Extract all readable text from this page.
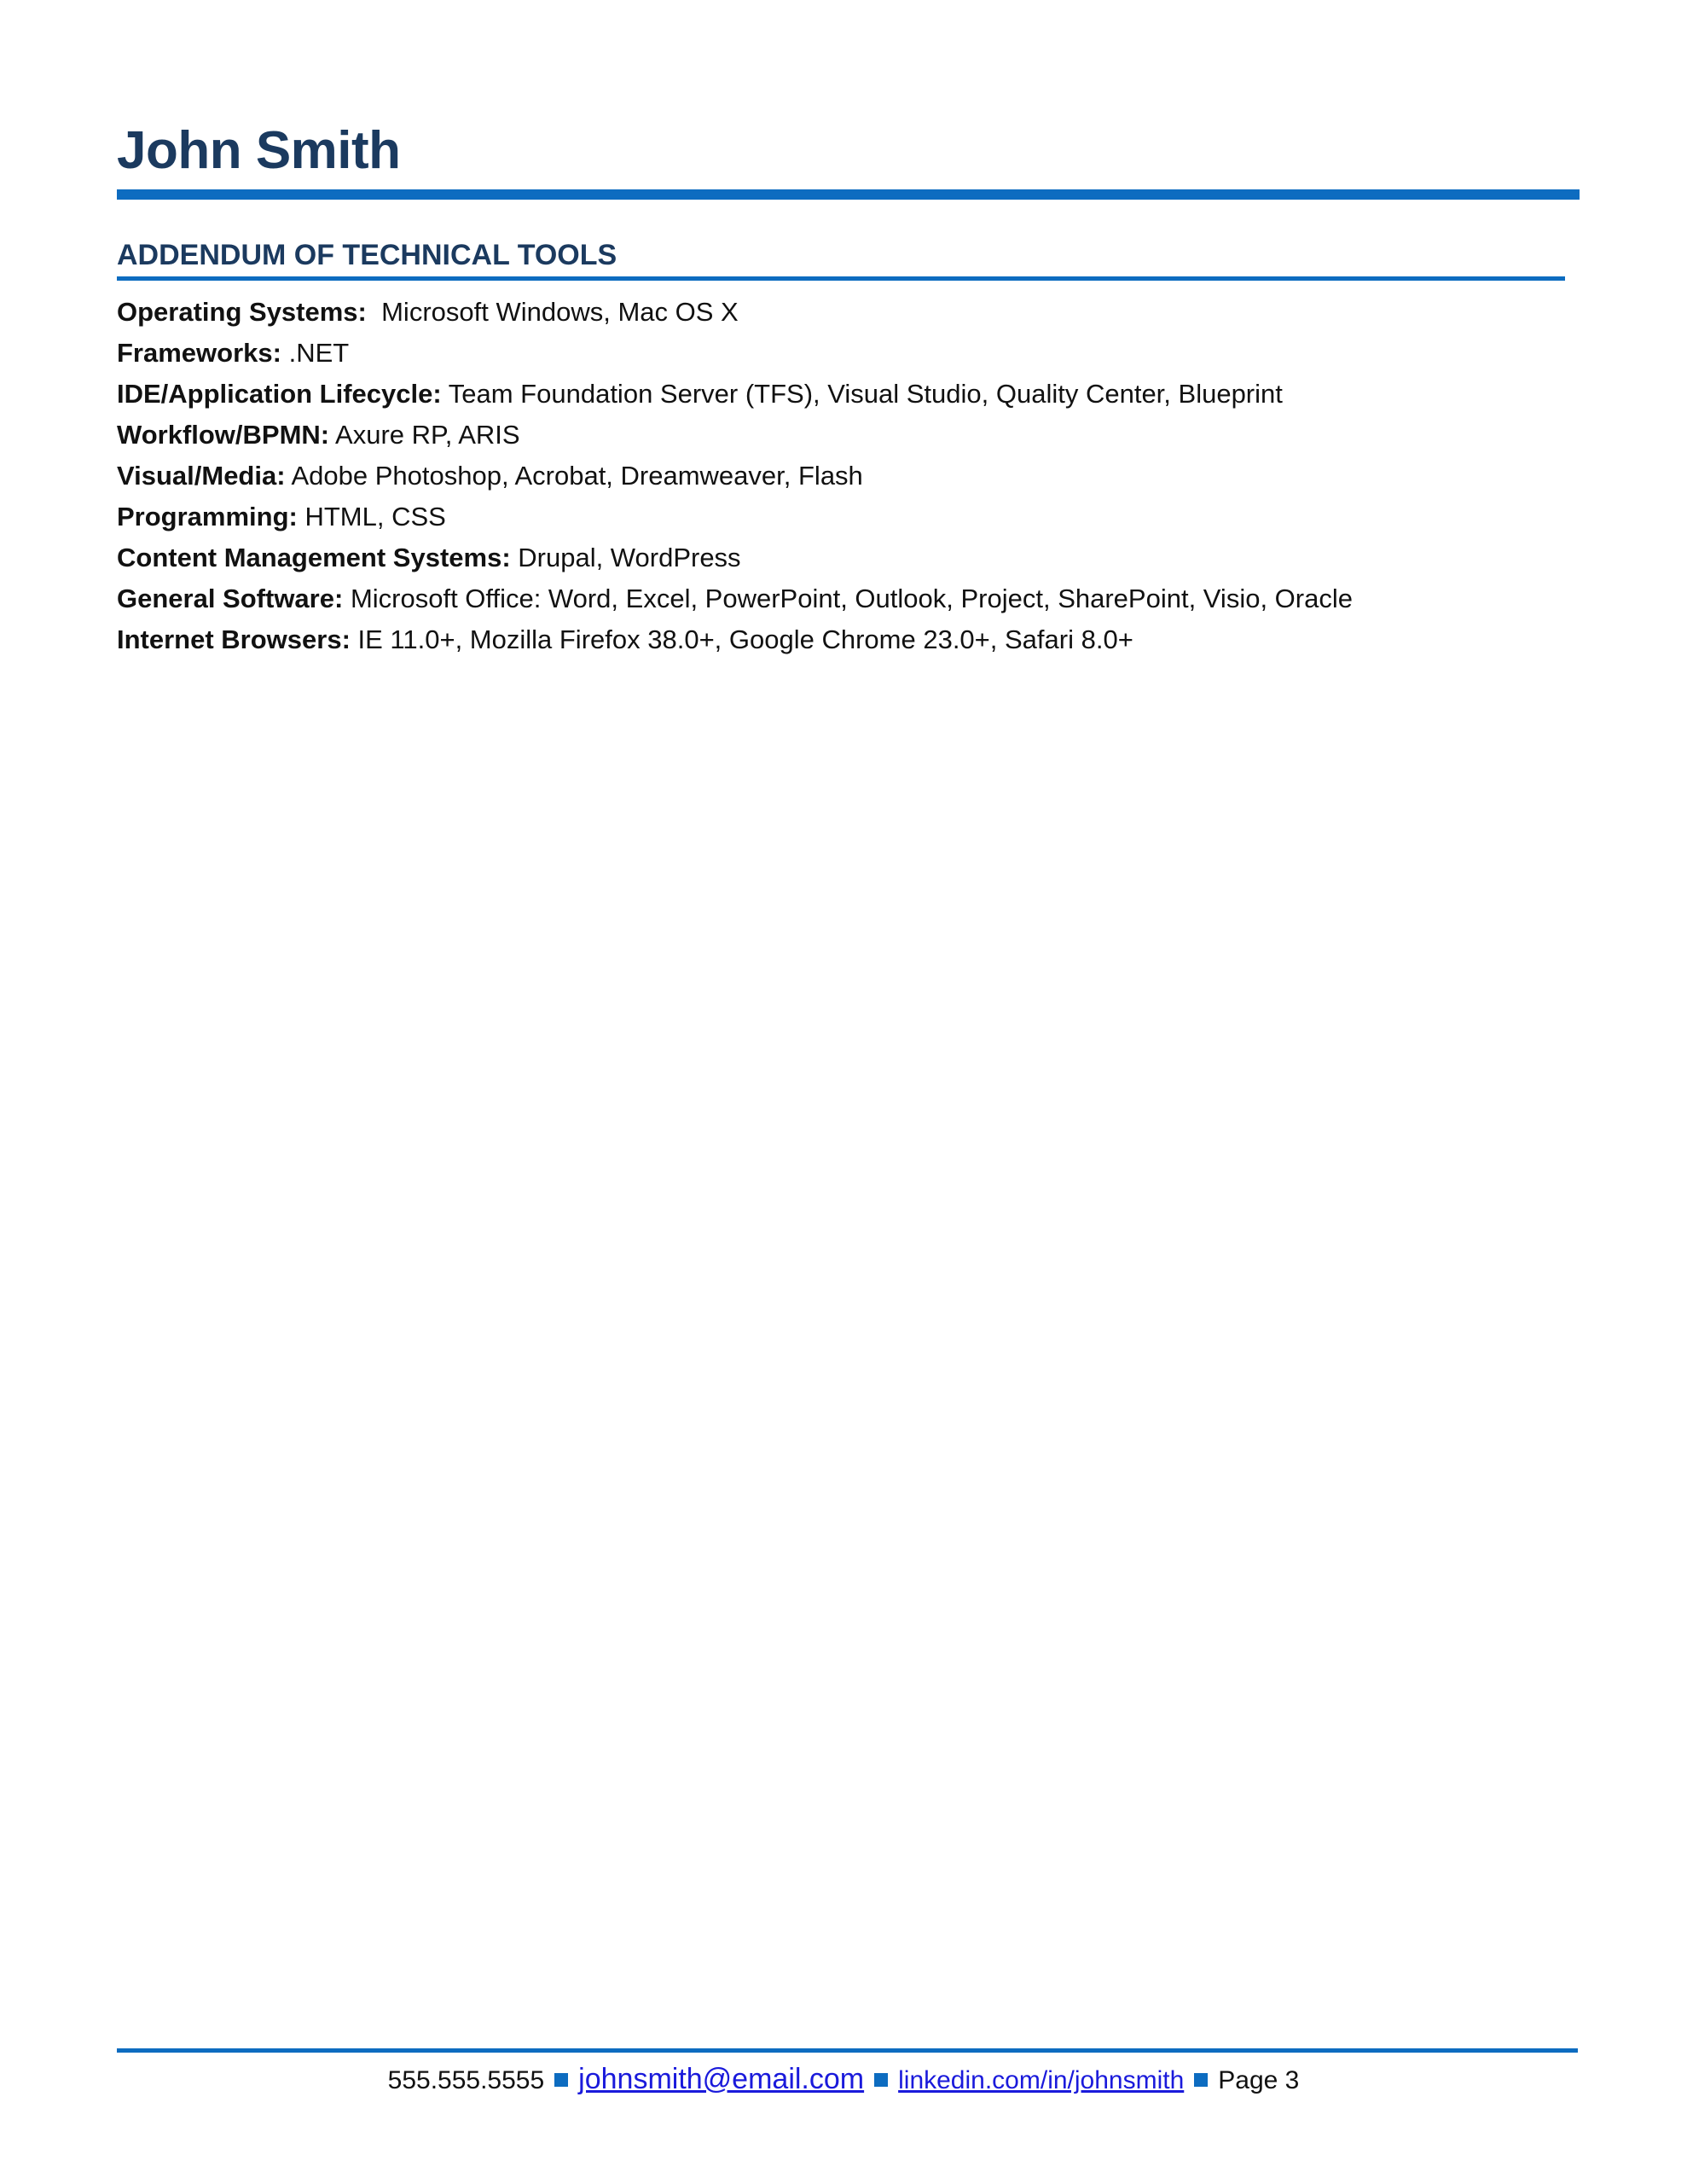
John Smith
ADDENDUM OF TECHNICAL TOOLS
Operating Systems: Microsoft Windows, Mac OS X
Frameworks: .NET
IDE/Application Lifecycle: Team Foundation Server (TFS), Visual Studio, Quality Center, Blueprint
Workflow/BPMN: Axure RP, ARIS
Visual/Media: Adobe Photoshop, Acrobat, Dreamweaver, Flash
Programming: HTML, CSS
Content Management Systems: Drupal, WordPress
General Software: Microsoft Office: Word, Excel, PowerPoint, Outlook, Project, SharePoint, Visio, Oracle
Internet Browsers: IE 11.0+, Mozilla Firefox 38.0+, Google Chrome 23.0+, Safari 8.0+
555.555.5555 johnsmith@email.com linkedin.com/in/johnsmith Page 3
